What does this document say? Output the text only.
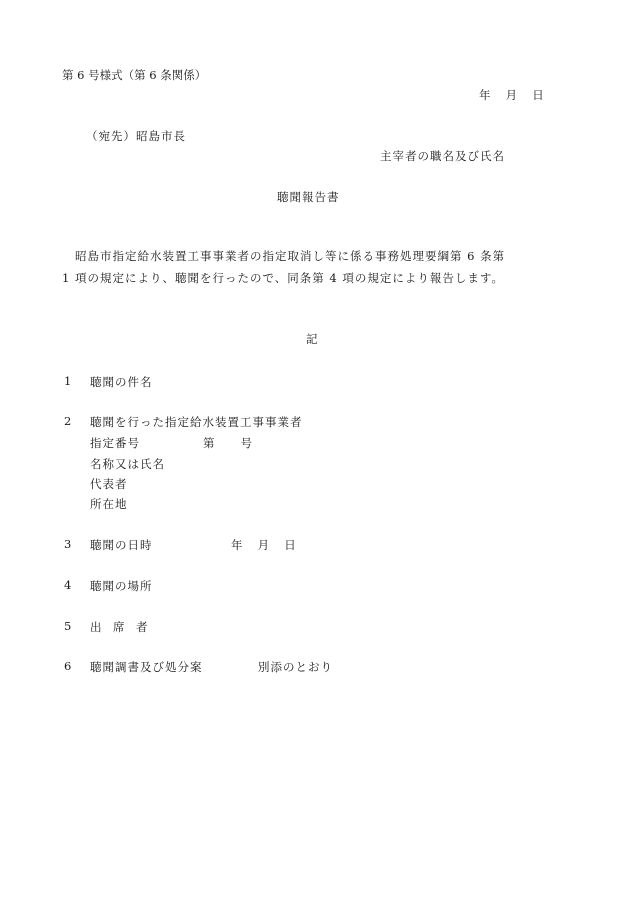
第 6 号様式（第 6 条関係）
年　 月　 日
（宛先）昭島市長
主宰者の職名及び氏名
聴聞報告書
昭島市指定給水装置工事事業者の指定取消し等に係る事務処理要綱第 6 条第
1 項の規定により、聴聞を行ったので、同条第 4 項の規定により報告します。
記
1 聴聞の件名
2 聴聞を行った指定給水装置工事事業者
指定番号	第　　号
名称又は氏名
代表者
所在地
3 聴聞の日時	年　 月　 日
4 聴聞の場所
5 出　席　者
6 聴聞調書及び処分案	別添のとおり
